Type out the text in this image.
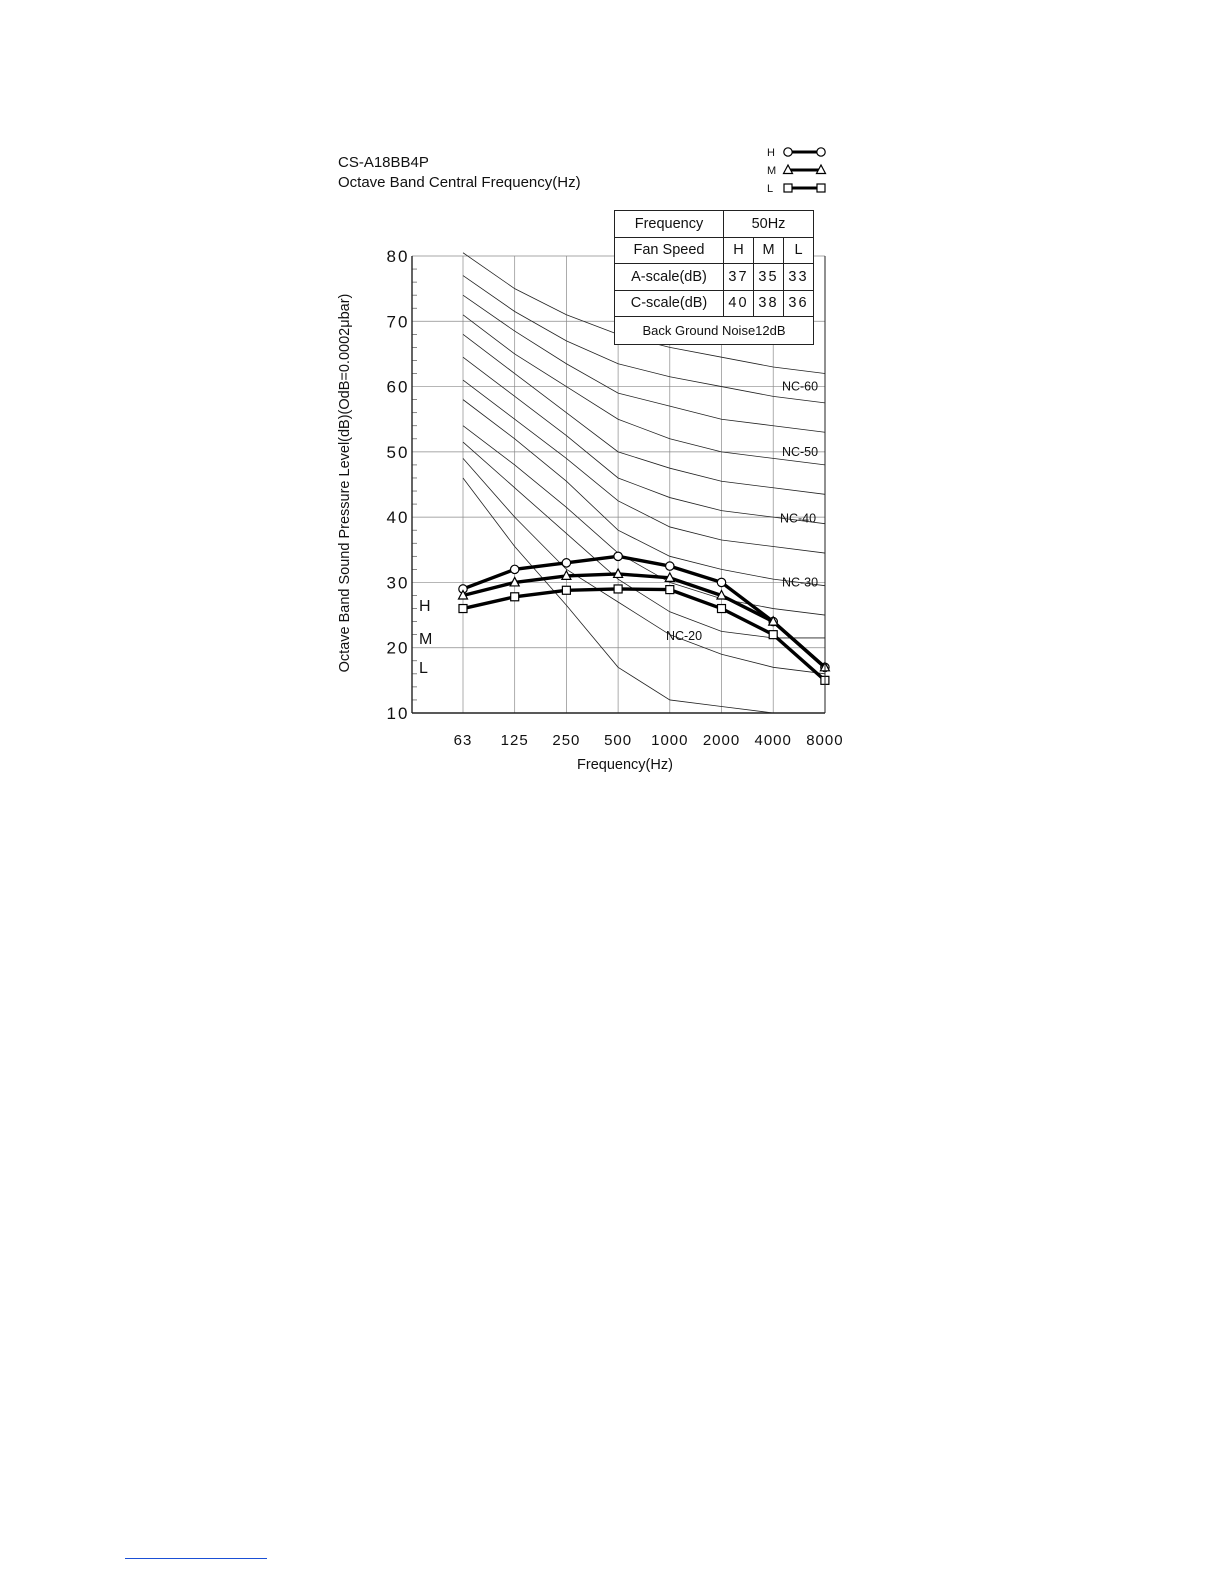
CS-A18BB4P
Octave Band Central Frequency(Hz)
H
M
L
NC-60
NC-50
NC-40
NC-30
NC-20
80
70
60
50
40
30
20
10
63 125 250 500 1000 2000 4000 8000
Octave Band Sound Pressure Level(dB)(OdB=0.0002μbar)
Frequency(Hz)
H
M
L
Frequency	50Hz		
Fan Speed	H	M	L
A-scale(dB)	37	35	33
C-scale(dB)	40	38	36
Back Ground Noise12dB			
